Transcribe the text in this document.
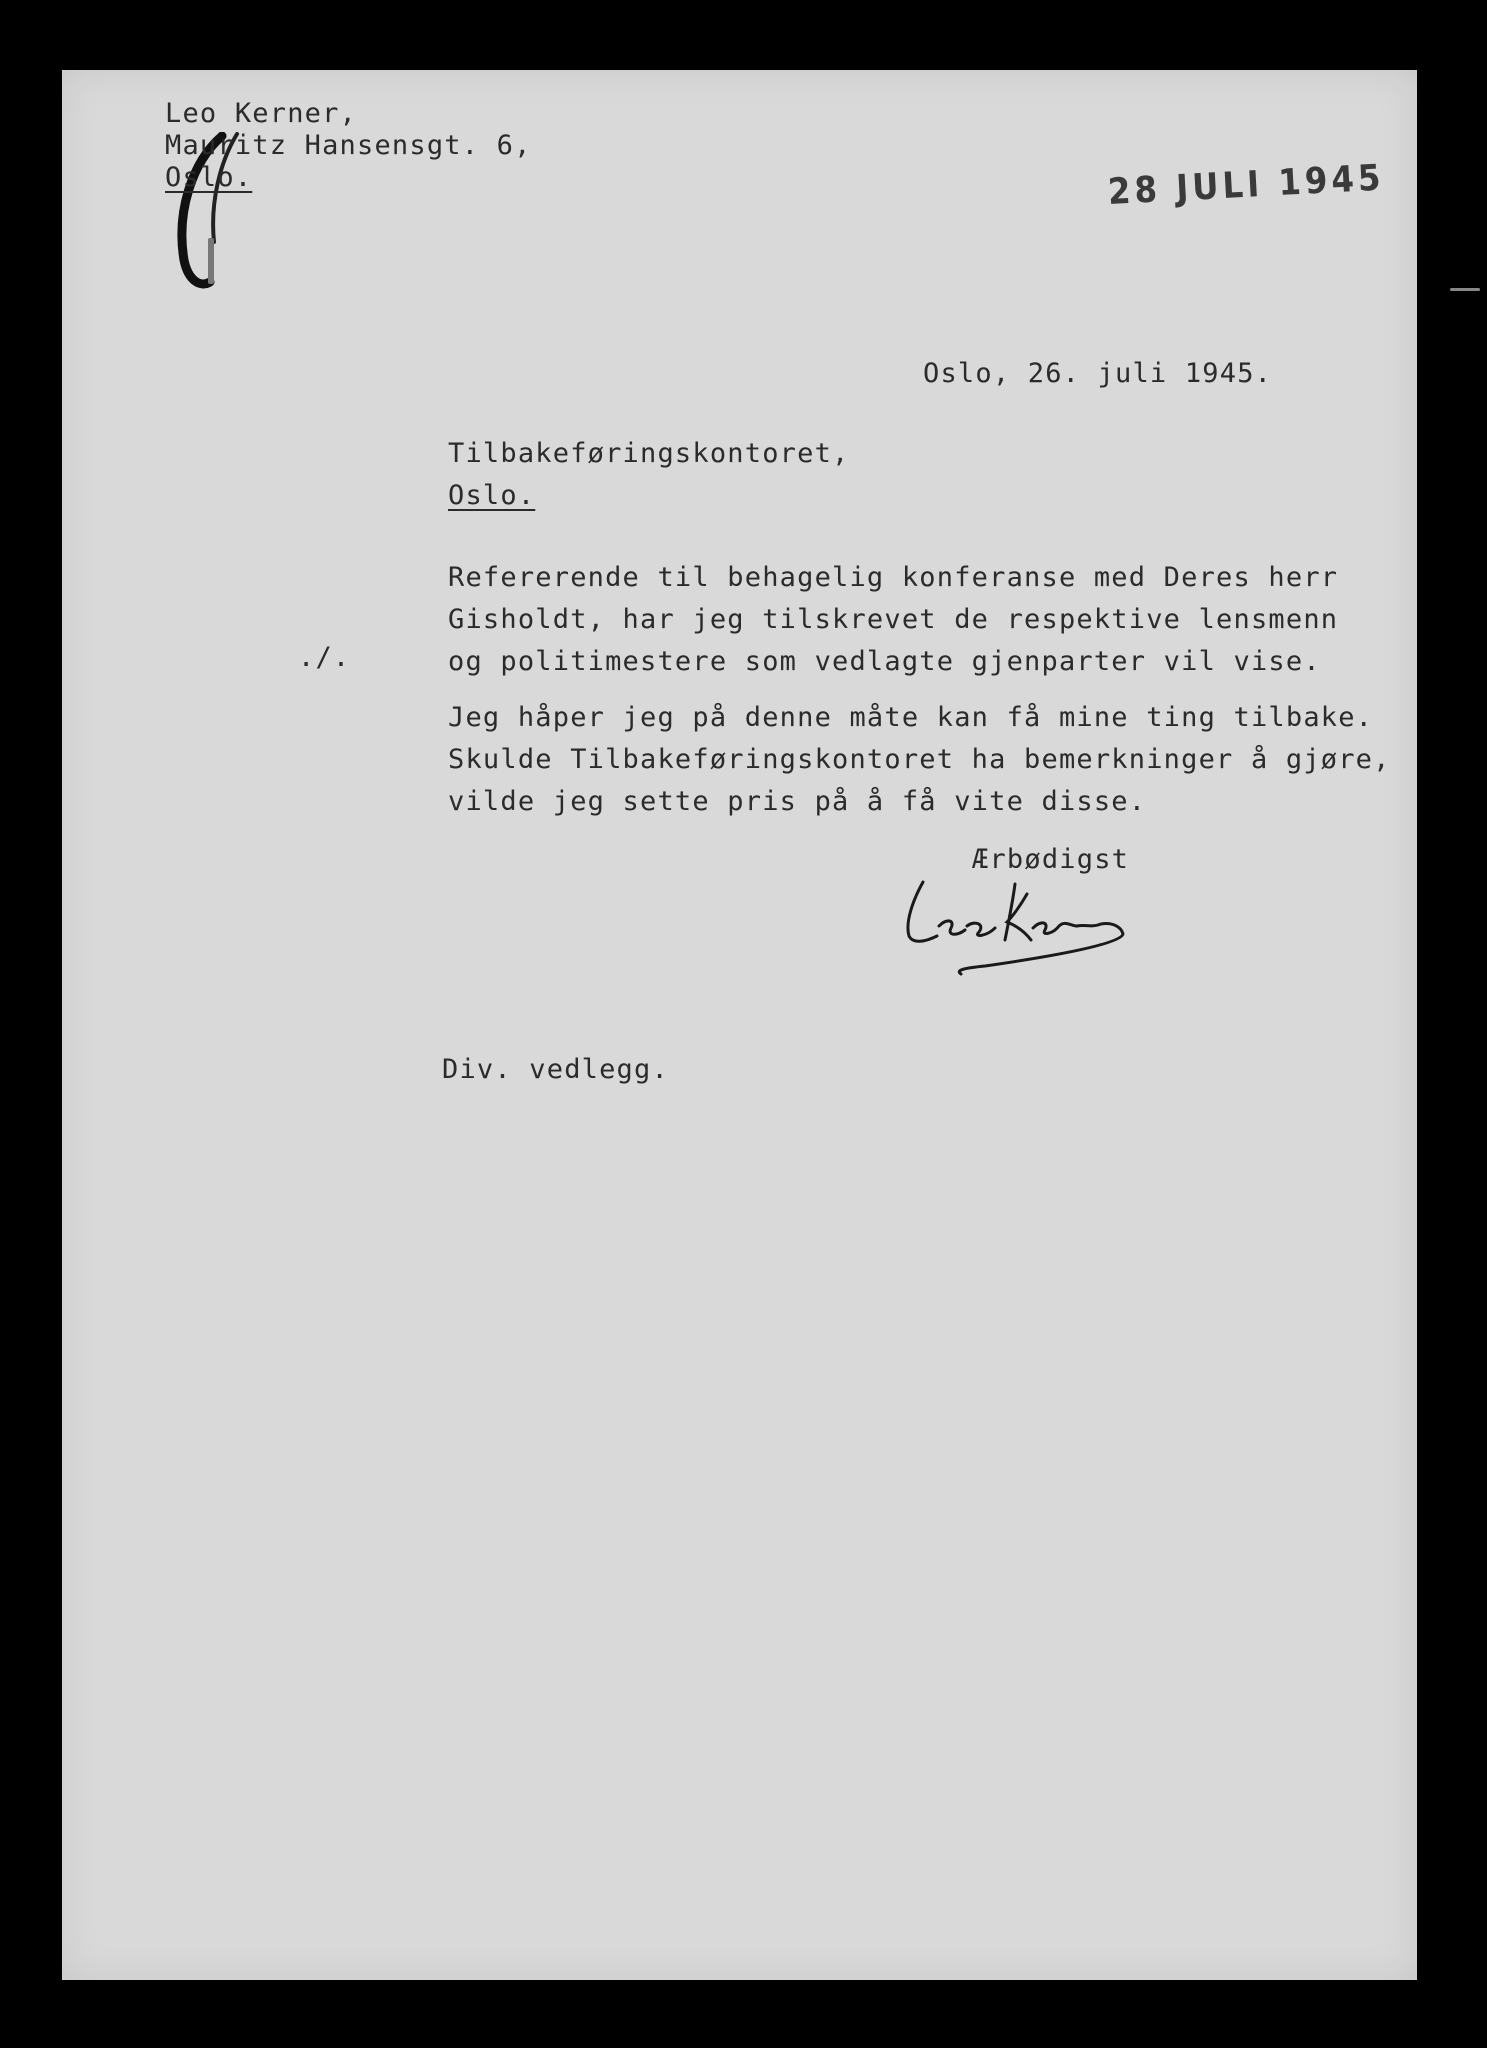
Leo Kerner,
Mauritz Hansensgt. 6,
Oslo.	28 JULI 1945
Oslo, 26. juli 1945.
Tilbakeføringskontoret,
Oslo.
./.
Refererende til behagelig konferanse med Deres herr
Gisholdt, har jeg tilskrevet de respektive lensmenn
og politimestere som vedlagte gjenparter vil vise.
Jeg håper jeg på denne måte kan få mine ting tilbake.
Skulde Tilbakeføringskontoret ha bemerkninger å gjøre,
vilde jeg sette pris på å få vite disse.
Ærbødigst
Div. vedlegg.
